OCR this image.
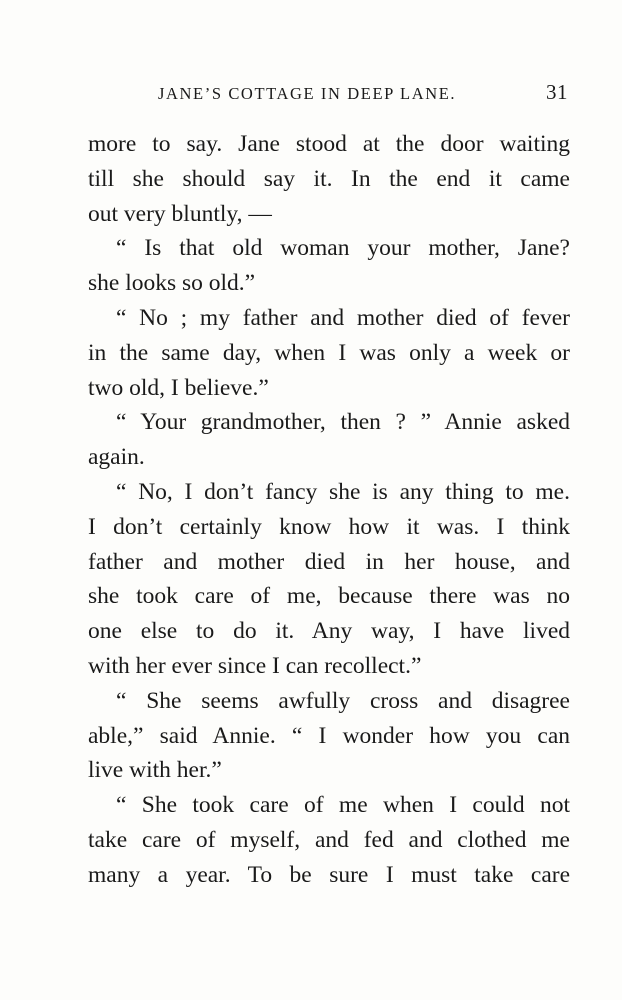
JANE’S COTTAGE IN DEEP LANE.	31
more to say. Jane stood at the door waiting
till she should say it. In the end it came
out very bluntly, —
“ Is that old woman your mother, Jane?
she looks so old.”
“ No ; my father and mother died of fever
in the same day, when I was only a week or
two old, I believe.”
“ Your grandmother, then ? ” Annie asked
again.
“ No, I don’t fancy she is any thing to me.
I don’t certainly know how it was. I think
father and mother died in her house, and
she took care of me, because there was no
one else to do it. Any way, I have lived
with her ever since I can recollect.”
“ She seems awfully cross and disagree
able,” said Annie. “ I wonder how you can
live with her.”
“ She took care of me when I could not
take care of myself, and fed and clothed me
many a year. To be sure I must take care
